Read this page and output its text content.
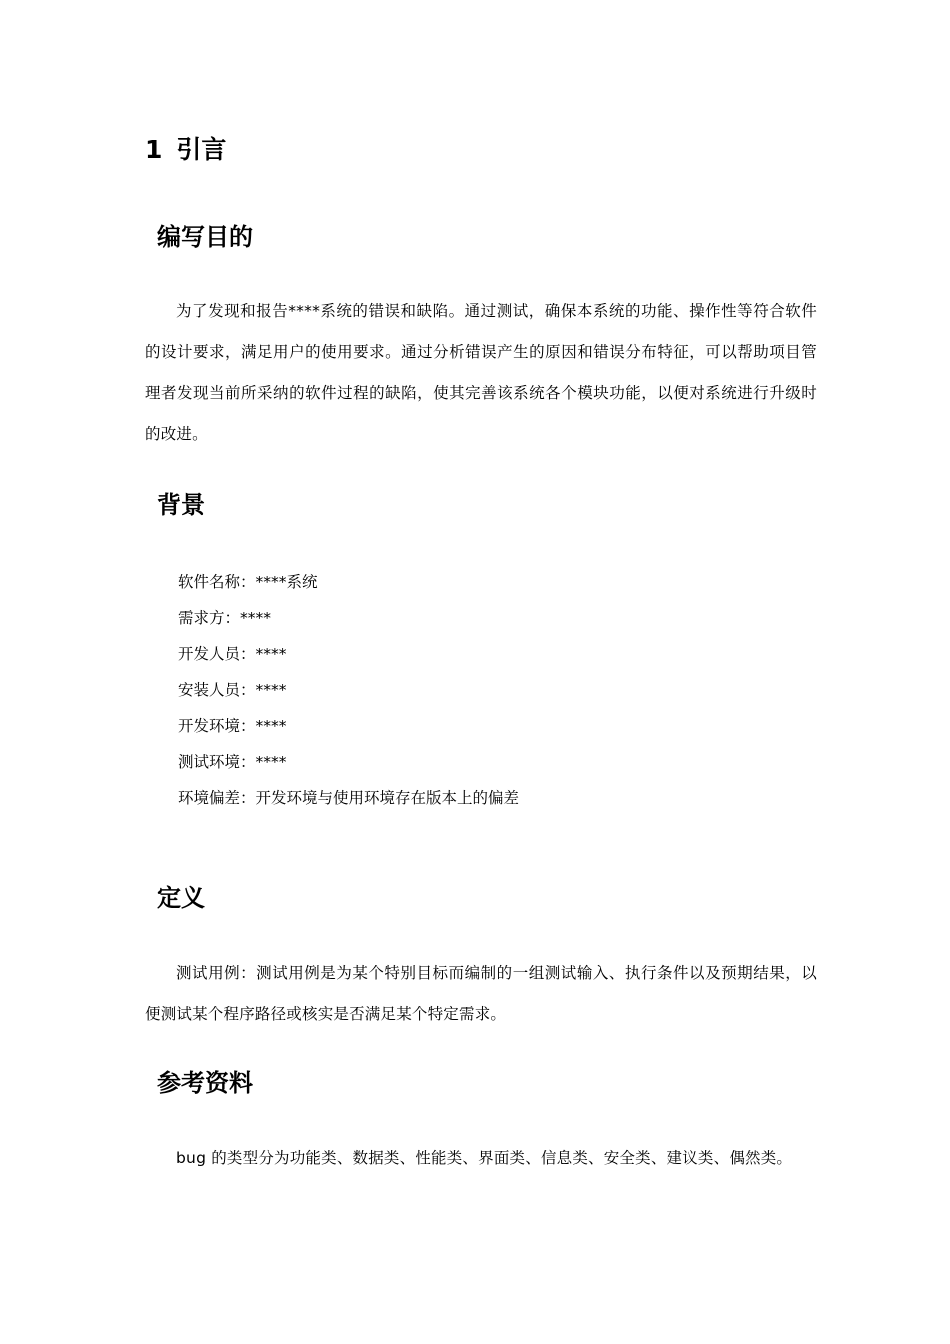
1 引言
编写目的

为了发现和报告****系统的错误和缺陷。通过测试，确保本系统的功能、操作性等符合软件的设计要求，满足用户的使用要求。通过分析错误产生的原因和错误分布特征，可以帮助项目管理者发现当前所采纳的软件过程的缺陷，使其完善该系统各个模块功能，以便对系统进行升级时的改进。

背景
软件名称：****系统
需求方：****
开发人员：****
安装人员：****
开发环境：****
测试环境：****
环境偏差：开发环境与使用环境存在版本上的偏差
定义

测试用例：测试用例是为某个特别目标而编制的一组测试输入、执行条件以及预期结果，以便测试某个程序路径或核实是否满足某个特定需求。

参考资料

bug 的类型分为功能类、数据类、性能类、界面类、信息类、安全类、建议类、偶然类。
